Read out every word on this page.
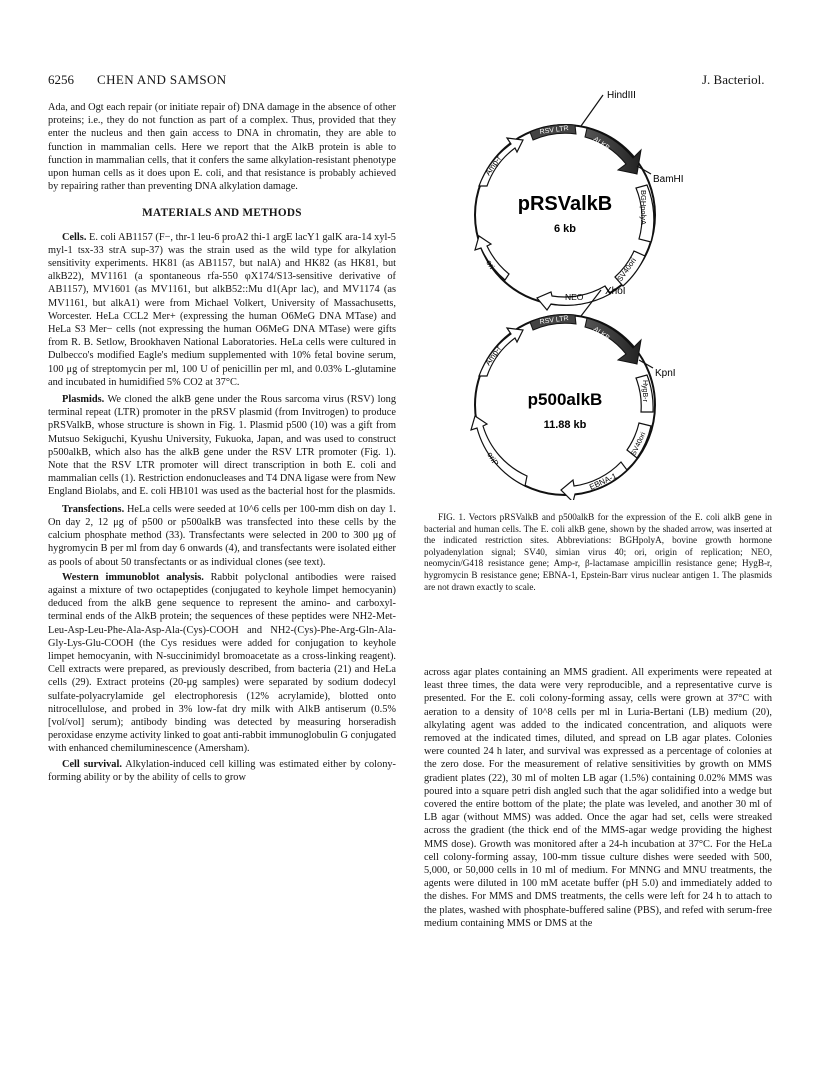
6256 CHEN AND SAMSON	J. Bacteriol.

Ada, and Ogt each repair (or initiate repair of) DNA damage in the absence of other proteins; i.e., they do not function as part of a complex. Thus, provided that they enter the nucleus and then gain access to DNA in chromatin, they are able to function in mammalian cells. Here we report that the AlkB protein is able to function in mammalian cells, that it confers the same alkylation-resistant phenotype upon human cells as it does upon E. coli, and that resistance is probably achieved by repairing rather than preventing DNA alkylation damage.

MATERIALS AND METHODS

Cells. E. coli AB1157 (F−, thr-1 leu-6 proA2 thi-1 argE lacY1 galK ara-14 xyl-5 myl-1 tsx-33 strA sup-37) was the strain used as the wild type for alkylation sensitivity experiments. HK81 (as AB1157, but nalA) and HK82 (as HK81, but alkB22), MV1161 (a spontaneous rfa-550 φX174/S13-sensitive derivative of AB1157), MV1601 (as MV1161, but alkB52::Mu d1(Apr lac), and MV1174 (as MV1161, but alkA1) were from Michael Volkert, University of Massachusetts, Worcester. HeLa CCL2 Mer+ (expressing the human O6MeG DNA MTase) and HeLa S3 Mer− cells (not expressing the human O6MeG DNA MTase) were gifts from R. B. Setlow, Brookhaven National Laboratories. HeLa cells were cultured in Dulbecco's modified Eagle's medium supplemented with 10% fetal bovine serum, 100 μg of streptomycin per ml, 100 U of penicillin per ml, and 0.03% L-glutamine and incubated in humidified 5% CO2 at 37°C.

Plasmids. We cloned the alkB gene under the Rous sarcoma virus (RSV) long terminal repeat (LTR) promoter in the pRSV plasmid (from Invitrogen) to produce pRSValkB, whose structure is shown in Fig. 1. Plasmid p500 (10) was a gift from Mutsuo Sekiguchi, Kyushu University, Fukuoka, Japan, and was used to construct p500alkB, which also has the alkB gene under the RSV LTR promoter (Fig. 1). Note that the RSV LTR promoter will direct transcription in both E. coli and mammalian cells (1). Restriction endonucleases and T4 DNA ligase were from New England Biolabs, and E. coli HB101 was used as the bacterial host for the plasmids.

Transfections. HeLa cells were seeded at 10^6 cells per 100-mm dish on day 1. On day 2, 12 μg of p500 or p500alkB was transfected into these cells by the calcium phosphate method (33). Transfectants were selected in 200 to 300 μg of hygromycin B per ml from day 6 onwards (4), and transfectants were isolated either as pools of about 50 transfectants or as individual clones (see text).

Western immunoblot analysis. Rabbit polyclonal antibodies were raised against a mixture of two octapeptides (conjugated to keyhole limpet hemocyanin) deduced from the alkB gene sequence to represent the amino- and carboxyl-terminal ends of the AlkB protein; the sequences of these peptides were NH2-Met-Leu-Asp-Leu-Phe-Ala-Asp-Ala-(Cys)-COOH and NH2-(Cys)-Phe-Arg-Gln-Ala-Gly-Lys-Glu-COOH (the Cys residues were added for conjugation to keyhole limpet hemocyanin, with N-succinimidyl bromoacetate as a cross-linking reagent). Cell extracts were prepared, as previously described, from bacteria (21) and HeLa cells (29). Extract proteins (20-μg samples) were separated by sodium dodecyl sulfate-polyacrylamide gel electrophoresis (12% acrylamide), blotted onto nitrocellulose, and probed in 3% low-fat dry milk with AlkB antiserum (0.5% [vol/vol] serum); antibody binding was detected by measuring horseradish peroxidase enzyme activity linked to goat anti-rabbit immunoglobulin G conjugated with enhanced chemiluminescence (Amersham).

Cell survival. Alkylation-induced cell killing was estimated either by colony-forming ability or by the ability of cells to grow

RSV LTR
ALKB
HindIII
BamHI
BGHpolyA
SV40ori
NEO
ori
Amp-r
pRSValkB
6 kb
RSV LTR
ALKB
XhoI
KpnI
HygB-r
SV40ori
EBNA-1
oriP
Amp-r
p500alkB
11.88 kb

FIG. 1. Vectors pRSValkB and p500alkB for the expression of the E. coli alkB gene in bacterial and human cells. The E. coli alkB gene, shown by the shaded arrow, was inserted at the indicated restriction sites. Abbreviations: BGHpolyA, bovine growth hormone polyadenylation signal; SV40, simian virus 40; ori, origin of replication; NEO, neomycin/G418 resistance gene; Amp-r, β-lactamase ampicillin resistance gene; HygB-r, hygromycin B resistance gene; EBNA-1, Epstein-Barr virus nuclear antigen 1. The plasmids are not drawn exactly to scale.

across agar plates containing an MMS gradient. All experiments were repeated at least three times, the data were very reproducible, and a representative curve is presented. For the E. coli colony-forming assay, cells were grown at 37°C with aeration to a density of 10^8 cells per ml in Luria-Bertani (LB) medium (20), alkylating agent was added to the indicated concentration, and aliquots were removed at the indicated times, diluted, and spread on LB agar plates. Colonies were counted 24 h later, and survival was expressed as a percentage of colonies at the zero dose. For the measurement of relative sensitivities by growth on MMS gradient plates (22), 30 ml of molten LB agar (1.5%) containing 0.02% MMS was poured into a square petri dish angled such that the agar solidified into a wedge but covered the entire bottom of the plate; the plate was leveled, and another 30 ml of LB agar (without MMS) was added. Once the agar had set, cells were streaked across the gradient (the thick end of the MMS-agar wedge providing the highest MMS dose). Growth was monitored after a 24-h incubation at 37°C. For the HeLa cell colony-forming assay, 100-mm tissue culture dishes were seeded with 500, 5,000, or 50,000 cells in 10 ml of medium. For MNNG and MNU treatments, the agents were diluted in 100 mM acetate buffer (pH 5.0) and immediately added to the dishes. For MMS and DMS treatments, the cells were left for 24 h to attach to the plates, washed with phosphate-buffered saline (PBS), and refed with serum-free medium containing MMS or DMS at the
